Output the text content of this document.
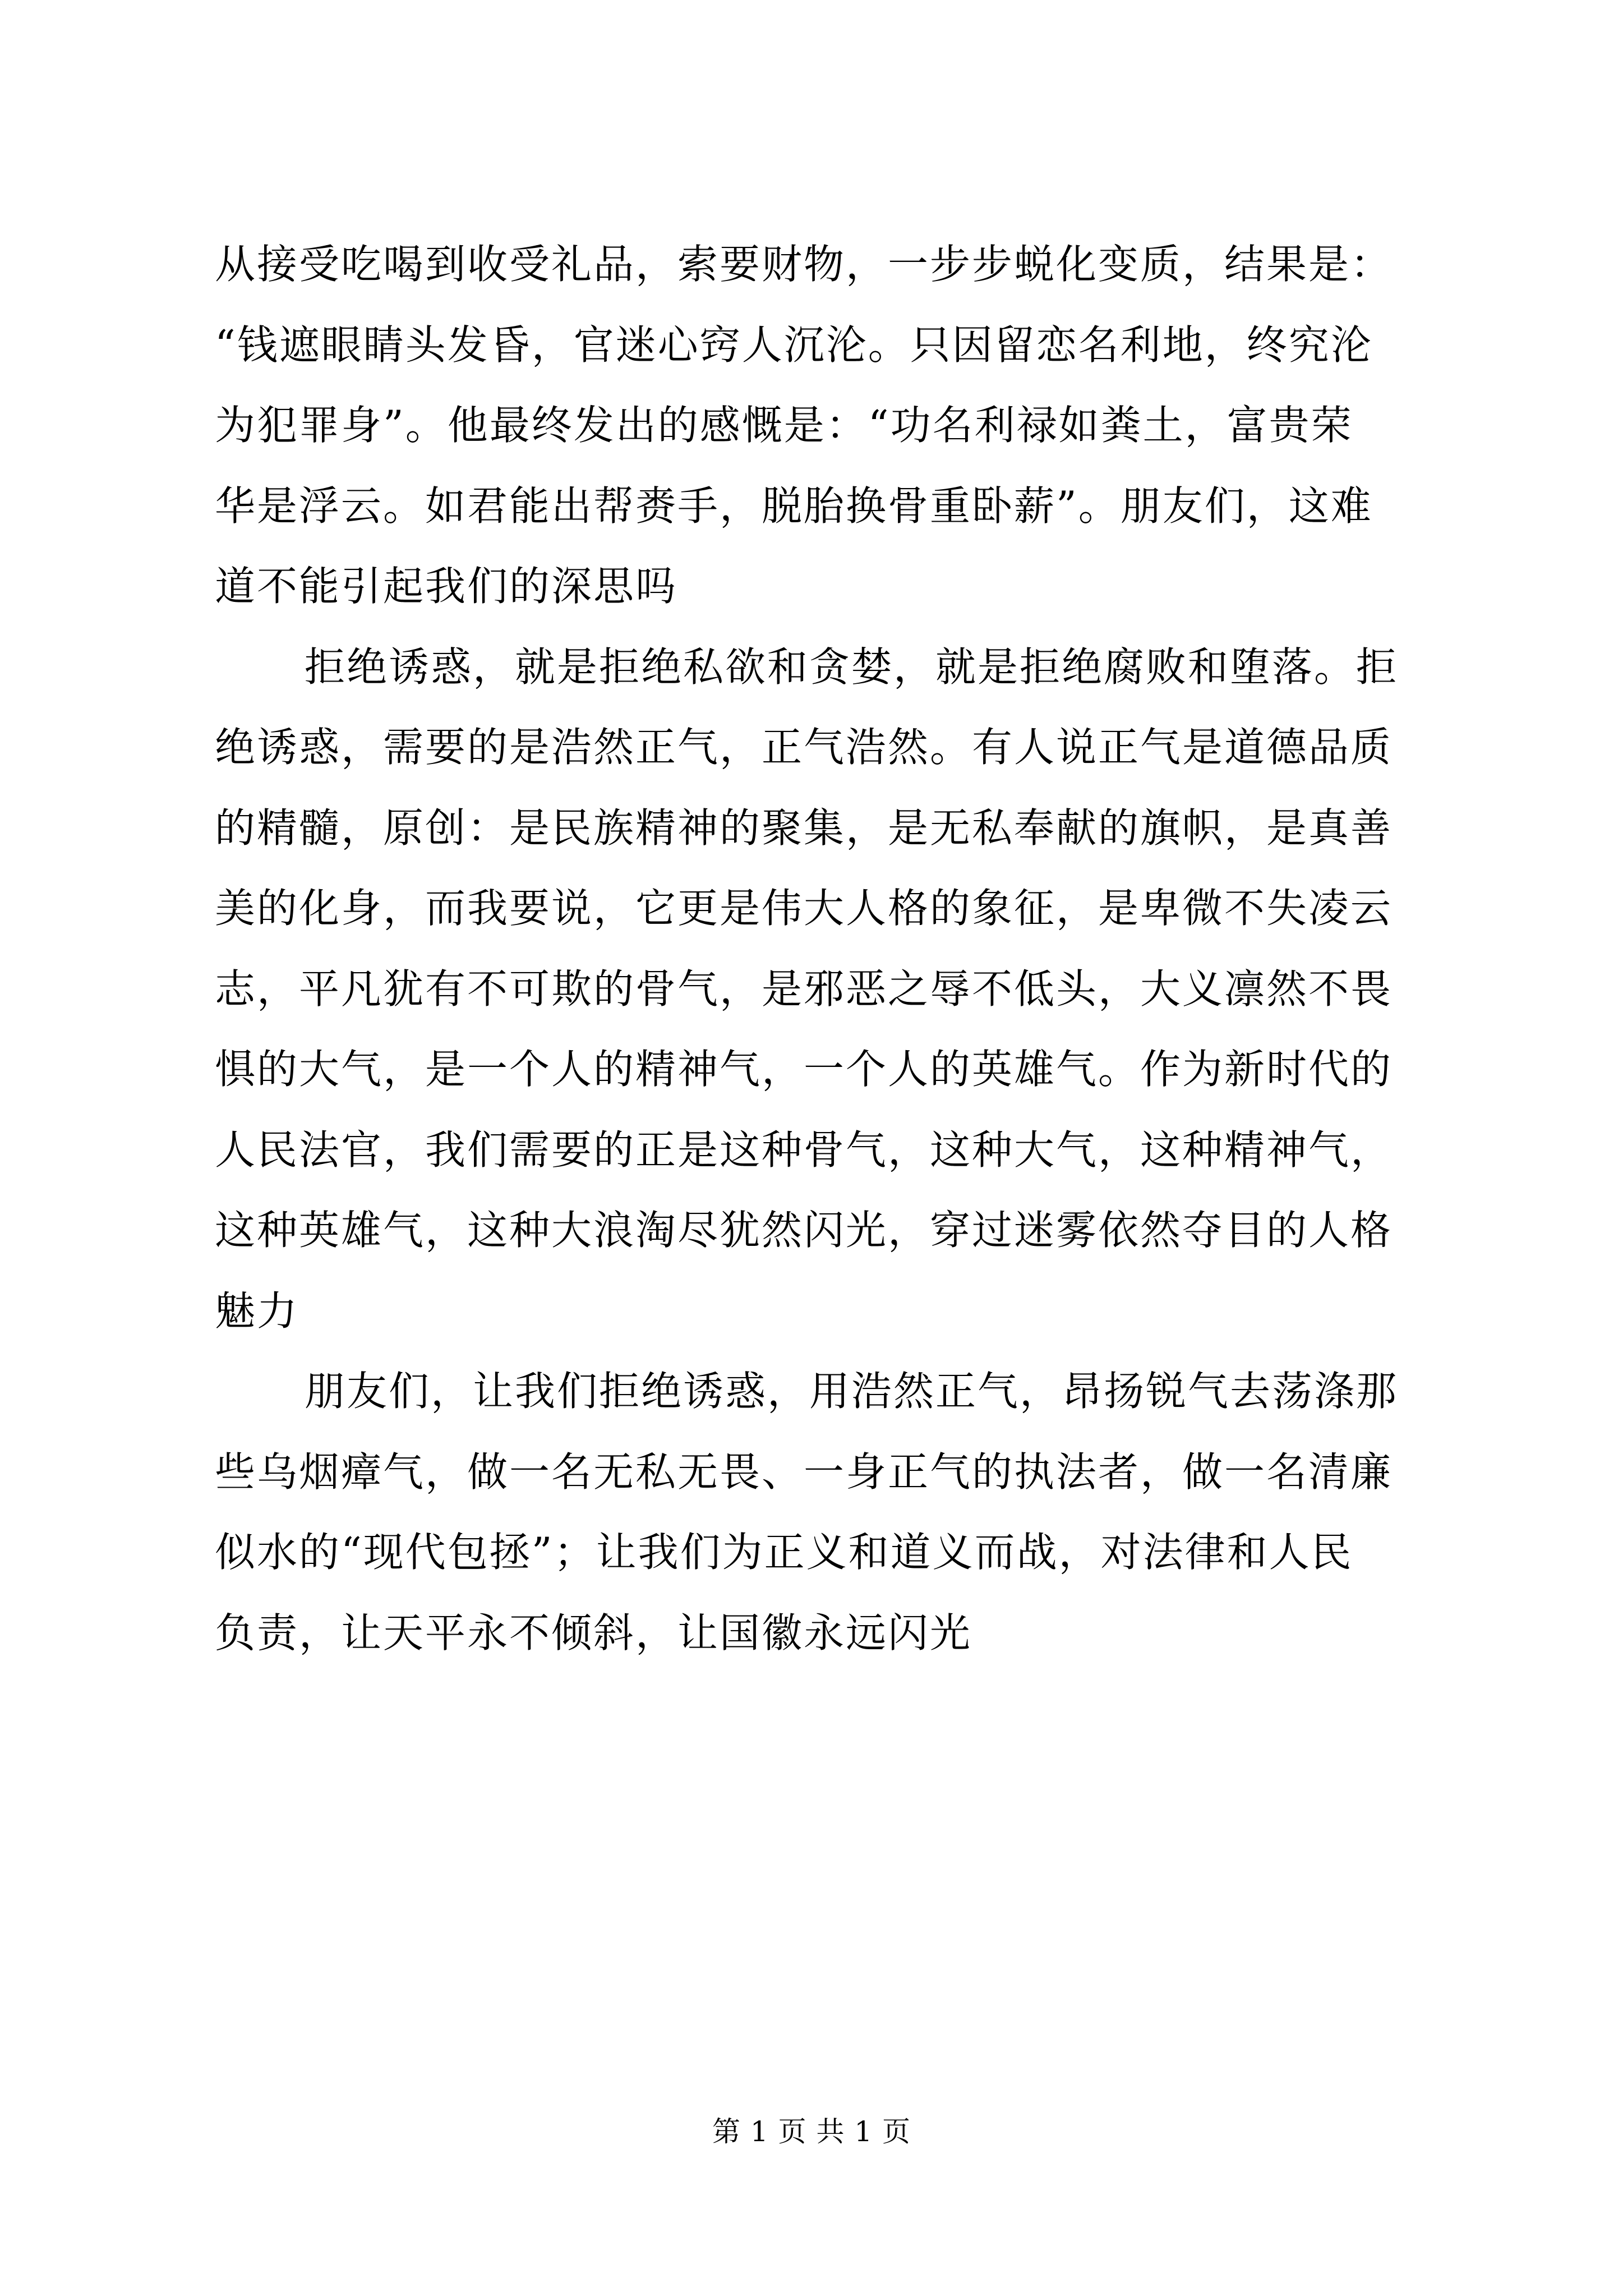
从接受吃喝到收受礼品，索要财物，一步步蜕化变质，结果是：
“钱遮眼睛头发昏，官迷心窍人沉沦。只因留恋名利地，终究沦
为犯罪身”。他最终发出的感慨是：“功名利禄如粪土，富贵荣
华是浮云。如君能出帮赉手，脱胎换骨重卧薪”。朋友们，这难
道不能引起我们的深思吗
拒绝诱惑，就是拒绝私欲和贪婪，就是拒绝腐败和堕落。拒
绝诱惑，需要的是浩然正气，正气浩然。有人说正气是道德品质
的精髓，原创：是民族精神的聚集，是无私奉献的旗帜，是真善
美的化身，而我要说，它更是伟大人格的象征，是卑微不失凌云
志，平凡犹有不可欺的骨气，是邪恶之辱不低头，大义凛然不畏
惧的大气，是一个人的精神气，一个人的英雄气。作为新时代的
人民法官，我们需要的正是这种骨气，这种大气，这种精神气，
这种英雄气，这种大浪淘尽犹然闪光，穿过迷雾依然夺目的人格
魅力
朋友们，让我们拒绝诱惑，用浩然正气，昂扬锐气去荡涤那
些乌烟瘴气，做一名无私无畏、一身正气的执法者，做一名清廉
似水的“现代包拯”；让我们为正义和道义而战，对法律和人民
负责，让天平永不倾斜，让国徽永远闪光
第 1 页 共 1 页
